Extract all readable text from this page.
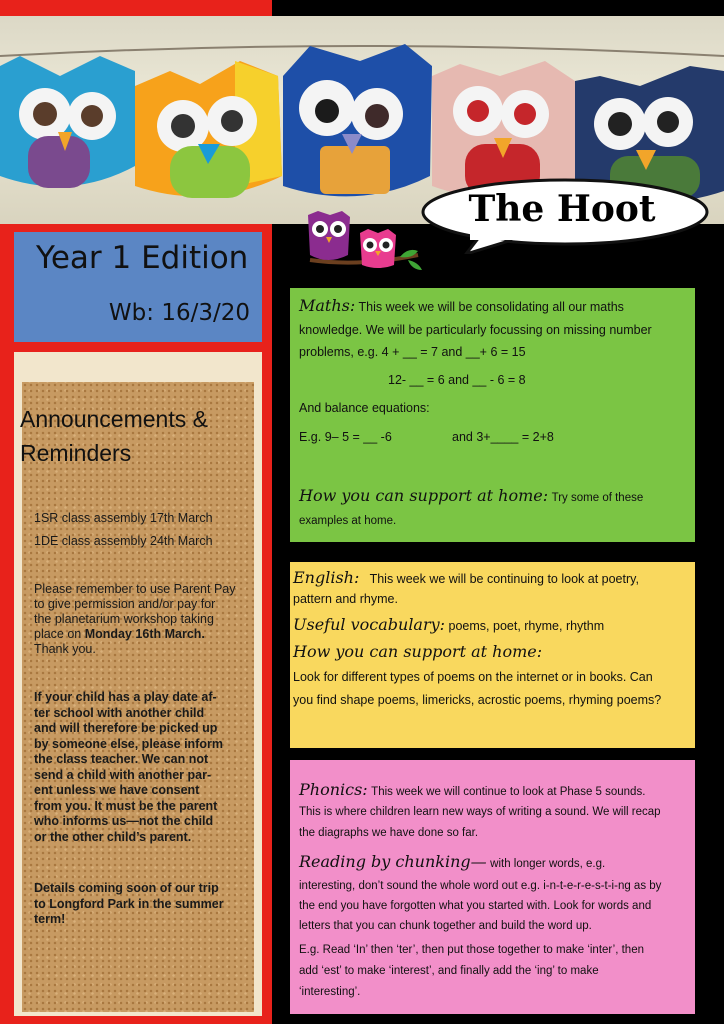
The Hoot
Year 1 Edition
Wb: 16/3/20
Announcements &
Reminders
1SR class assembly 17th March
1DE class assembly 24th March
Please remember to use Parent Pay
to give permission and/or pay for
the planetarium workshop taking
place on Monday 16th March.
Thank you.
If your child has a play date af-
ter school with another child
and will therefore be picked up
by someone else, please inform
the class teacher. We can not
send a child with another par-
ent unless we have consent
from you. It must be the parent
who informs us—not the child
or the other child’s parent.
Details coming soon of our trip
to Longford Park in the summer
term!
Maths: This week we will be consolidating all our maths
knowledge. We will be particularly focussing on missing number
problems, e.g. 4 + __ = 7 and __+ 6 = 15
12- __ = 6 and __ - 6 = 8
And balance equations:
E.g. 9– 5 = __ -6	and 3+____ = 2+8
How you can support at home: Try some of these
examples at home.
English: This week we will be continuing to look at poetry,
pattern and rhyme.
Useful vocabulary: poems, poet, rhyme, rhythm
How you can support at home:
Look for different types of poems on the internet or in books. Can
you find shape poems, limericks, acrostic poems, rhyming poems?
Phonics: This week we will continue to look at Phase 5 sounds.
This is where children learn new ways of writing a sound. We will recap
the diagraphs we have done so far.
Reading by chunking— with longer words, e.g.
interesting, don’t sound the whole word out e.g. i-n-t-e-r-e-s-t-i-ng as by
the end you have forgotten what you started with. Look for words and
letters that you can chunk together and build the word up.
E.g. Read ‘In’ then ‘ter’, then put those together to make ‘inter’, then
add ‘est’ to make ‘interest’, and finally add the ‘ing’ to make
‘interesting’.
